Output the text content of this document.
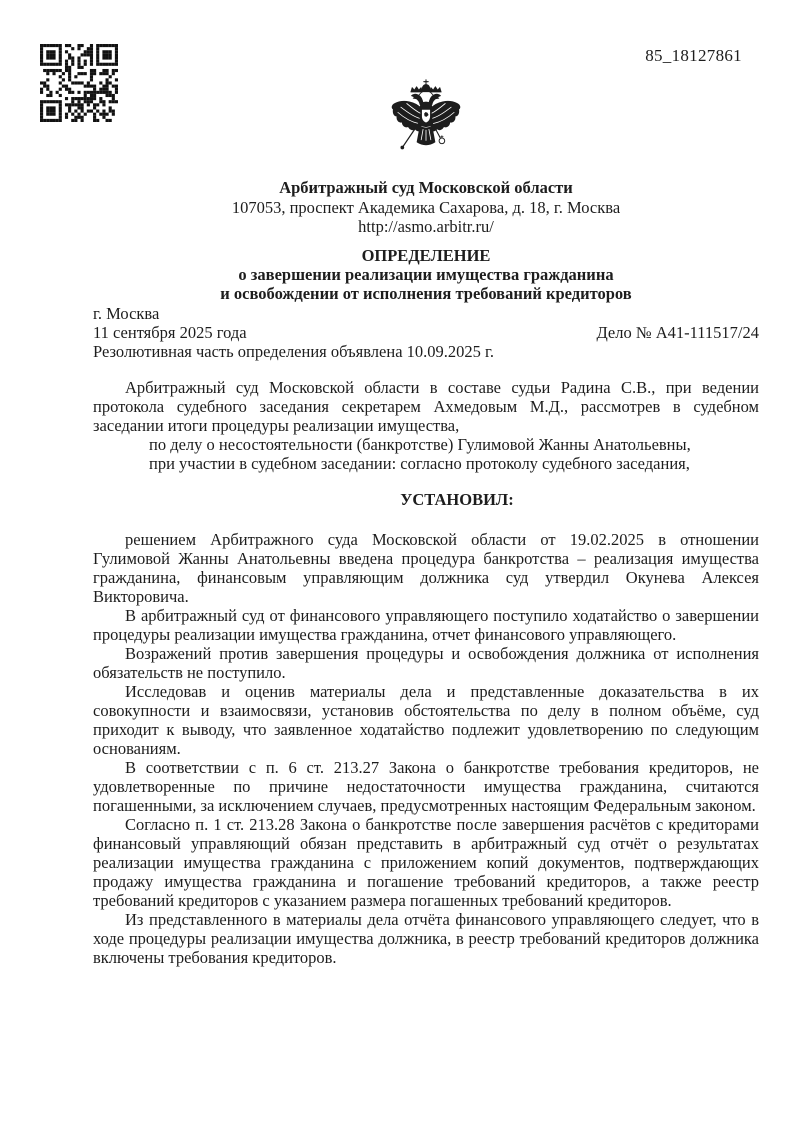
85_18127861
Арбитражный суд Московской области
107053, проспект Академика Сахарова, д. 18, г. Москва
http://asmo.arbitr.ru/
ОПРЕДЕЛЕНИЕ
о завершении реализации имущества гражданина
и освобождении от исполнения требований кредиторов
г. Москва
11 сентября 2025 года	Дело № А41-111517/24
Резолютивная часть определения объявлена 10.09.2025 г.

Арбитражный суд Московской области в составе судьи Радина С.В., при ведении протокола судебного заседания секретарем Ахмедовым М.Д., рассмотрев в судебном заседании итоги процедуры реализации имущества,

по делу о несостоятельности (банкротстве) Гулимовой Жанны Анатольевны,

при участии в судебном заседании: согласно протоколу судебного заседания,

УСТАНОВИЛ:

решением Арбитражного суда Московской области от 19.02.2025 в отношении Гулимовой Жанны Анатольевны введена процедура банкротства – реализация имущества гражданина, финансовым управляющим должника суд утвердил Окунева Алексея Викторовича.

В арбитражный суд от финансового управляющего поступило ходатайство о завершении процедуры реализации имущества гражданина, отчет финансового управляющего.

Возражений против завершения процедуры и освобождения должника от исполнения обязательств не поступило.

Исследовав и оценив материалы дела и представленные доказательства в их совокупности и взаимосвязи, установив обстоятельства по делу в полном объёме, суд приходит к выводу, что заявленное ходатайство подлежит удовлетворению по следующим основаниям.

В соответствии с п. 6 ст. 213.27 Закона о банкротстве требования кредиторов, не удовлетворенные по причине недостаточности имущества гражданина, считаются погашенными, за исключением случаев, предусмотренных настоящим Федеральным законом.

Согласно п. 1 ст. 213.28 Закона о банкротстве после завершения расчётов с кредиторами финансовый управляющий обязан представить в арбитражный суд отчёт о результатах реализации имущества гражданина с приложением копий документов, подтверждающих продажу имущества гражданина и погашение требований кредиторов, а также реестр требований кредиторов с указанием размера погашенных требований кредиторов.

Из представленного в материалы дела отчёта финансового управляющего следует, что в ходе процедуры реализации имущества должника, в реестр требований кредиторов должника включены требования кредиторов.
